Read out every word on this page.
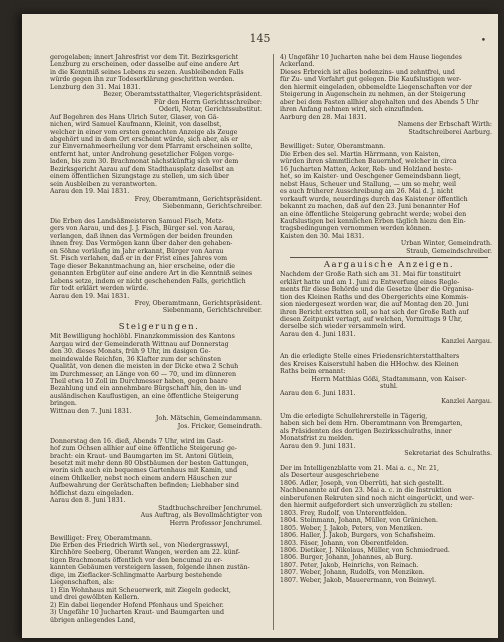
145	•
gerogelaben; innert Jahresfrist vor dem Tit. Bezirksgericht
Lenzburg zu erscheinen, oder dasselbe auf eine andere Art
in die Kenntniß seines Lebens zu sezen. Ausbleibenden Falls
würde gegen ihn zur Todeserklärung geschritten werden.
Lenzburg den 31. Mai 1831.
Bezer, Oberamtsstatthalter, Viegerichtspräsident.
Für den Herrn Gerichtsschreiber:
Oderli, Notar, Gerichtssubstitut.
Auf Begehren des Hans Ulrich Suter, Glaser, von Gä-
nichen, wird Samuel Kaufmann, Kleinit, von daselbst,
welcher in einer vom ersten gemachten Anzeige als Zeuge
abgehört und in dem Ort erscheint würde, sich aber, als er
zur Einvernahmeerheilung vor dem Pfarramt erscheinen sollte,
entfernt hat, unter Androhung gesetzlicher Folgen vorge-
laden, bis zum 30. Brachmonat nächstkünftig sich vor dem
Bezirksgericht Aarau auf dem Stadthausplatz daselbst an
einem öffentlichen Sizungstage zu stellen, um sich über
sein Ausbleiben zu verantworten.
Aarau den 19. Mai 1831.
Frey, Oberamtmann, Gerichtspräsident.
Siebenmann, Gerichtschreiber.

Die Erben des Landsäßmeisteren Samuel Fisch, Metz-
gers von Aarau, und des J. J. Fisch, Bürger sel. von Aarau,
verlangen, daß ihnen das Vermögen der beiden freunden
ihnen frey. Das Vermögen kann über daher den gehaben-
en Söhne vorläufig im Jahr erkannt, Bürger von Aarau
St. Fisch verlahen, daß er in der Frist eines Jahres vom
Tage dieser Bekanntmachung an, hier erscheine, oder die
genannten Erbgüter auf eine andere Art in die Kenntniß seines
Lebens setze, indem er nicht geschehenden Falls, gerichtlich
für todt erklärt werden würde.
Aarau den 19. Mai 1831.
Frey, Oberamtmann, Gerichtspräsident.
Siebenmann, Gerichtschreiber.

Steigerungen.
Mit Bewilligung hochlöbl. Finanzkommission des Kantons
Aargau wird der Gemeinderath Wittnau auf Donnerstag
den 30. dieses Monats, früh 9 Uhr, im dasigen Ge-
meindewalde Reichfen, 36 Klafter zum der schönsten
Qualität, von denen die meisten in der Dicke etwa 2 Schuh
im Durchmesser, an Länge von 60 — 70, und im dünneren
Theil etwa 10 Zoll im Durchmesser haben, gegen baare
Bezahlung und ein annehmbare Bürgschaft hin, den in- und
ausländischen Kauflustigen, an eine öffentliche Steigerung
bringen.
Wittnau den 7. Juni 1831.
Joh. Mätschin, Gemeindammann.
Jos. Fricker, Gemeindrath.

Donnerstag den 16. dieß, Abends 7 Uhr, wird im Gast-
hof zum Ochsen allhier auf eine öffentliche Steigerung ge-
bracht: ein Kraut- und Baumgarten im St. Antoni Gütlein,
besetzt mit mehr denn 80 Obstbäumen der besten Gattungen,
worin sich auch ein bequemes Gartenhaus mit Kamin, und
einem Öhlkeller, nebst noch einem andern Häuschen zur
Aufbewahrung der Gerätschaften befinden; Liebhaber sind
höflichst dazu eingeladen.
Aarau den 8. Juni 1831.
Stadtbuchschreiber Jenchrumel.
Aus Auftrag, als Bevollmächtigter von
Herrn Professor Jenchrumel.

Bewilliget: Frey, Oberamtmann.
Die Erben des Friedrich Wirth sel., von Niedergrasswyl,
Kirchhöre Seeberg, Oberamt Wangen, werden am 22. künf-
tigen Brachmonats öffentlich vor den bencumal zu er-
kannten Gebäumen versteigern lassen, folgende ihnen zustän-
dige, im Zieflacker-Schlingmatte Aarburg bestehende
Liegenschaften, als:
1) Ein Wohnhaus mit Scheuerwerk, mit Ziegeln gedeckt,
und drei gewölbten Kellern.
2) Ein dabei liegender Hofend Pfenhaus und Speicher.
3) Ungefähr 10 Jucharten Kraut- und Baumgarten und
übrigen anliegendes Land,
4) Ungefähr 10 Jucharten nahe bei dem Hause liegendes
Ackerland.
Dieses Erbreich ist alles bodenzins- und zehntfrei, und
für Zu- und Vorfahrt gut gelegen. Die Kaufslustigen wer-
den hiermit eingeladen, obbemeldte Liegenschaften vor der
Steigerung in Augenschein zu nehmen, an der Steigerung
aber bei dem Fasten allhier abgehalten und des Abends 5 Uhr
ihren Anfang nehmen wird, sich einzufinden.
Aarburg den 28. Mai 1831.
Namens der Erbschaft Wirth:
Stadtschreiberei Aarburg.

Bewilliget: Suter, Oberamtmann.
Die Erben des sel. Martin Härrmann, von Kaisten,
würden ihren sämmtlichen Bauernhof, welcher in circa
16 Jucharten Matten, Acker, Reb- und Holzland beste-
het, so im Kaister- und Oeschgener Gemeindsbann liegt,
nebst Haus, Scheuer und Stallung, — um so mehr, weil
es auch früherer Ausschreibung am 26. Mai d. J. nicht
vorkauft wurde, neuerdings durch das Kaistener öffentlich
bekannt zu machen, daß auf den 23. Juni benannter Hof
an eine öffentliche Steigerung gebracht werde; wobei den
Kaufslustigen bei kennlichen Erben täglich hiezu den Ein-
tragsbedingungen vernommen werden können.
Kaisten den 30. Mai 1831.
Urban Winter, Gemeindrath.
Straub, Gemeindschreiber.
Aargauische Anzeigen.
Nachdem der Große Rath sich am 31. Mai für tonstituirt
erklärt hatte und am 1. Juni zu Entwerfung eines Regle-
ments für diese Behörde und die Gesetze über die Organisa-
tion des Kleinen Raths und des Obergerichts eine Kommis-
sion niedergesezt worden war, die auf Montag den 20. Juni
ihren Bericht erstatten soll, so hat sich der Große Rath auf
diesen Zeitpunkt vertagt, auf welchen, Vormittags 9 Uhr,
derselbe sich wieder versammeln wird.
Aarau den 4. Juni 1831.
Kanzlei Aargau.

An die erledigte Stelle eines Friedensrichterstatthalters
des Kreises Kaiserstuhl haben die HHochw. des Kleinen
Raths beim ernannt:
Herrn Matthias Gößi, Stadtammann, von Kaiser-
stuhl.
Aarau den 6. Juni 1831.
Kanzlei Aargau.

Um die erledigte Schullehrerstelle in Tägerig,
haben sich bei dem Hrn. Oberamtmann von Bremgarten,
als Präsidenten des dortigen Bezirksschulraths, inner
Monatsfrist zu melden.
Aarau den 9. Juni 1831.
Sekretariat des Schulraths.

Der im Intelligenzblatte vom 21. Mai a. c., Nr. 21,
als Deserteur ausgeschriebene
1806. Adler, Joseph, von Oberrüti, hat sich gestellt.
Nachbenannte auf den 23. Mai a. c. in die Instruktion
einberufenen Rekruten sind noch nicht eingerückt, und wer-
den hiermit aufgefordert sich unverzüglich zu stellen:
1803. Frey, Rudolf, von Unterentfelden.
1804. Steinmann, Johann, Müller, von Gränichen.
1805. Weber, J. Jakob, Peters, von Menziken.
1806. Haller, J. Jakob, Burgers, von Schafisheim.
1803. Fäser, Johann, von Oberentfelden.
1806. Dietiker, J. Nikolaus, Müller, von Schmiedrued.
1806. Burger, Johann, Johannes, ab Burg.
1807. Peter, Jakob, Heinrichs, von Reinach.
1807. Weber, Johann, Rudolfs, von Menziken.
1807. Weber, Jakob, Mauerermann, von Beinwyl.
